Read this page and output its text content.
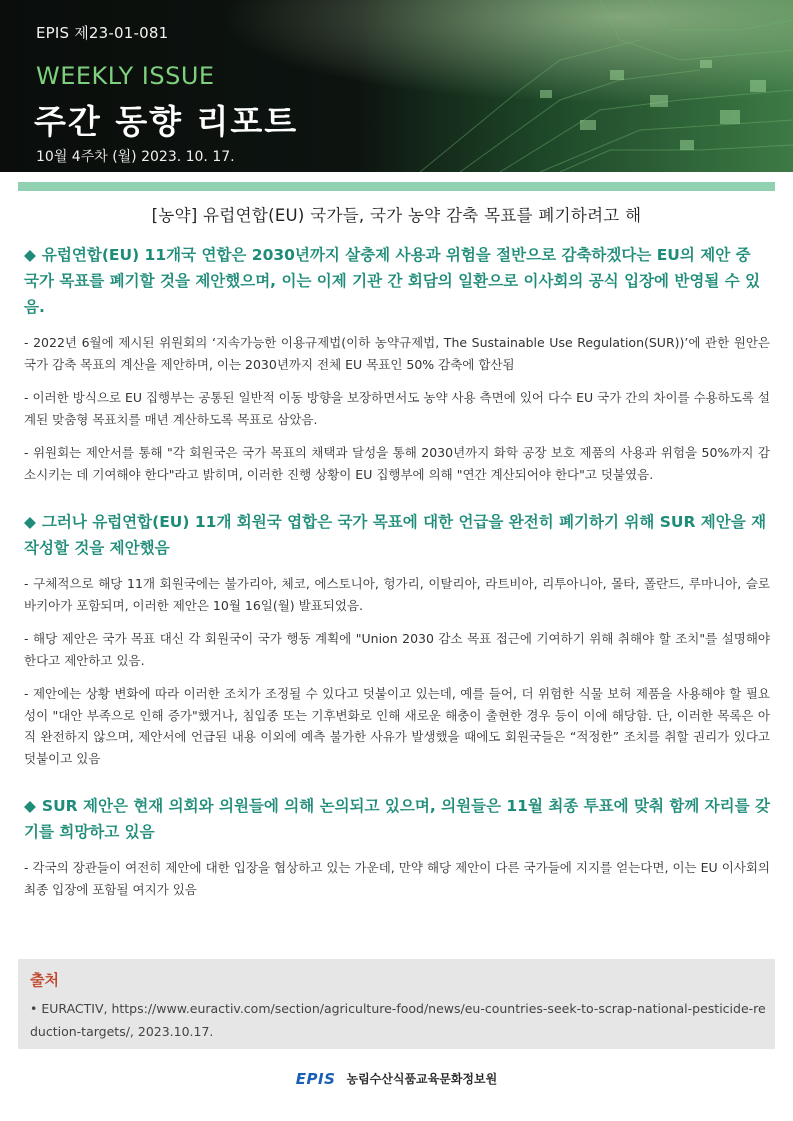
EPIS 제23-01-081
WEEKLY ISSUE
주간 동향 리포트
10월 4주차 (월) 2023. 10. 17.
[농약] 유럽연합(EU) 국가들, 국가 농약 감축 목표를 폐기하려고 해

◆ 유럽연합(EU) 11개국 연합은 2030년까지 살충제 사용과 위험을 절반으로 감축하겠다는 EU의 제안 중 국가 목표를 폐기할 것을 제안했으며, 이는 이제 기관 간 회담의 일환으로 이사회의 공식 입장에 반영될 수 있음.

- 2022년 6월에 제시된 위원회의 ‘지속가능한 이용규제법(이하 농약규제법, The Sustainable Use Regulation(SUR))’에 관한 원안은 국가 감축 목표의 계산을 제안하며, 이는 2030년까지 전체 EU 목표인 50% 감축에 합산됨

- 이러한 방식으로 EU 집행부는 공통된 일반적 이동 방향을 보장하면서도 농약 사용 측면에 있어 다수 EU 국가 간의 차이를 수용하도록 설계된 맞춤형 목표치를 매년 계산하도록 목표로 삼았음.

- 위원회는 제안서를 통해 "각 회원국은 국가 목표의 채택과 달성을 통해 2030년까지 화학 공장 보호 제품의 사용과 위험을 50%까지 감소시키는 데 기여해야 한다"라고 밝히며, 이러한 진행 상황이 EU 집행부에 의해 "연간 계산되어야 한다"고 덧붙였음.

◆ 그러나 유럽연합(EU) 11개 회원국 엽합은 국가 목표에 대한 언급을 완전히 폐기하기 위해 SUR 제안을 재작성할 것을 제안했음

- 구체적으로 해당 11개 회원국에는 불가리아, 체코, 에스토니아, 헝가리, 이탈리아, 라트비아, 리투아니아, 몰타, 폴란드, 루마니아, 슬로바키아가 포함되며, 이러한 제안은 10월 16일(월) 발표되었음.

- 해당 제안은 국가 목표 대신 각 회원국이 국가 행동 계획에 "Union 2030 감소 목표 접근에 기여하기 위해 취해야 할 조치"를 설명해야 한다고 제안하고 있음.

- 제안에는 상황 변화에 따라 이러한 조치가 조정될 수 있다고 덧붙이고 있는데, 예를 들어, 더 위험한 식물 보허 제품을 사용해야 할 필요성이 "대안 부족으로 인해 증가"했거나, 침입종 또는 기후변화로 인해 새로운 해충이 출현한 경우 등이 이에 해당함. 단, 이러한 목록은 아직 완전하지 않으며, 제안서에 언급된 내용 이외에 예측 불가한 사유가 발생했을 때에도 회원국들은 “적정한” 조치를 취할 권리가 있다고 덧붙이고 있음

◆ SUR 제안은 현재 의회와 의원들에 의해 논의되고 있으며, 의원들은 11월 최종 투표에 맞춰 함께 자리를 갖기를 희망하고 있음

- 각국의 장관들이 여전히 제안에 대한 입장을 협상하고 있는 가운데, 만약 해당 제안이 다른 국가들에 지지를 얻는다면, 이는 EU 이사회의 최종 입장에 포함될 여지가 있음

출처
• EURACTIV, https://www.euractiv.com/section/agriculture-food/news/eu-countries-seek-to-scrap-national-pesticide-reduction-targets/, 2023.10.17.
EPIS 농림수산식품교육문화정보원
